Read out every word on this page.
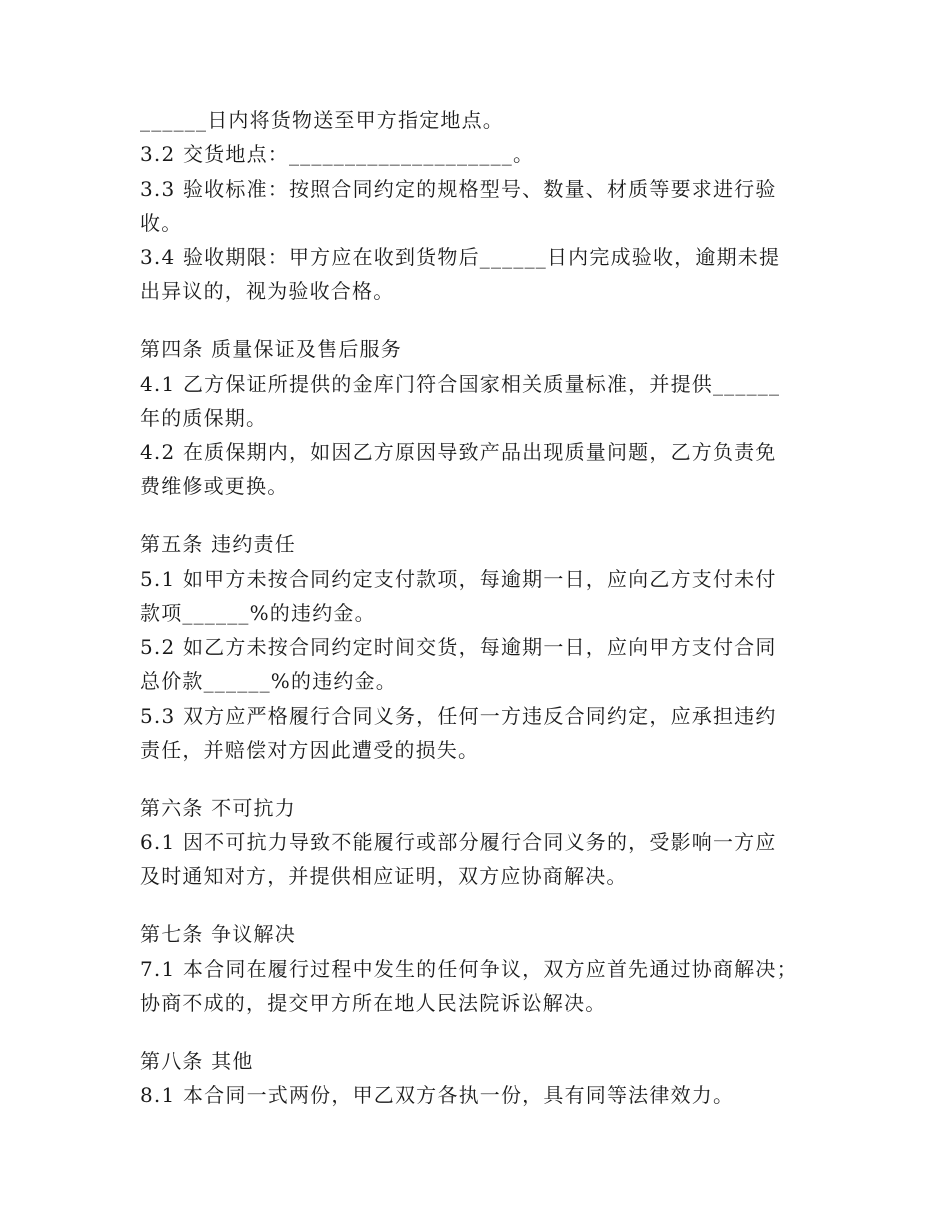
______日内将货物送至甲方指定地点。
3.2 交货地点：____________________。
3.3 验收标准：按照合同约定的规格型号、数量、材质等要求进行验
收。
3.4 验收期限：甲方应在收到货物后______日内完成验收，逾期未提
出异议的，视为验收合格。
第四条 质量保证及售后服务
4.1 乙方保证所提供的金库门符合国家相关质量标准，并提供______
年的质保期。
4.2 在质保期内，如因乙方原因导致产品出现质量问题，乙方负责免
费维修或更换。
第五条 违约责任
5.1 如甲方未按合同约定支付款项，每逾期一日，应向乙方支付未付
款项______%的违约金。
5.2 如乙方未按合同约定时间交货，每逾期一日，应向甲方支付合同
总价款______%的违约金。
5.3 双方应严格履行合同义务，任何一方违反合同约定，应承担违约
责任，并赔偿对方因此遭受的损失。
第六条 不可抗力
6.1 因不可抗力导致不能履行或部分履行合同义务的，受影响一方应
及时通知对方，并提供相应证明，双方应协商解决。
第七条 争议解决
7.1 本合同在履行过程中发生的任何争议，双方应首先通过协商解决；
协商不成的，提交甲方所在地人民法院诉讼解决。
第八条 其他
8.1 本合同一式两份，甲乙双方各执一份，具有同等法律效力。
